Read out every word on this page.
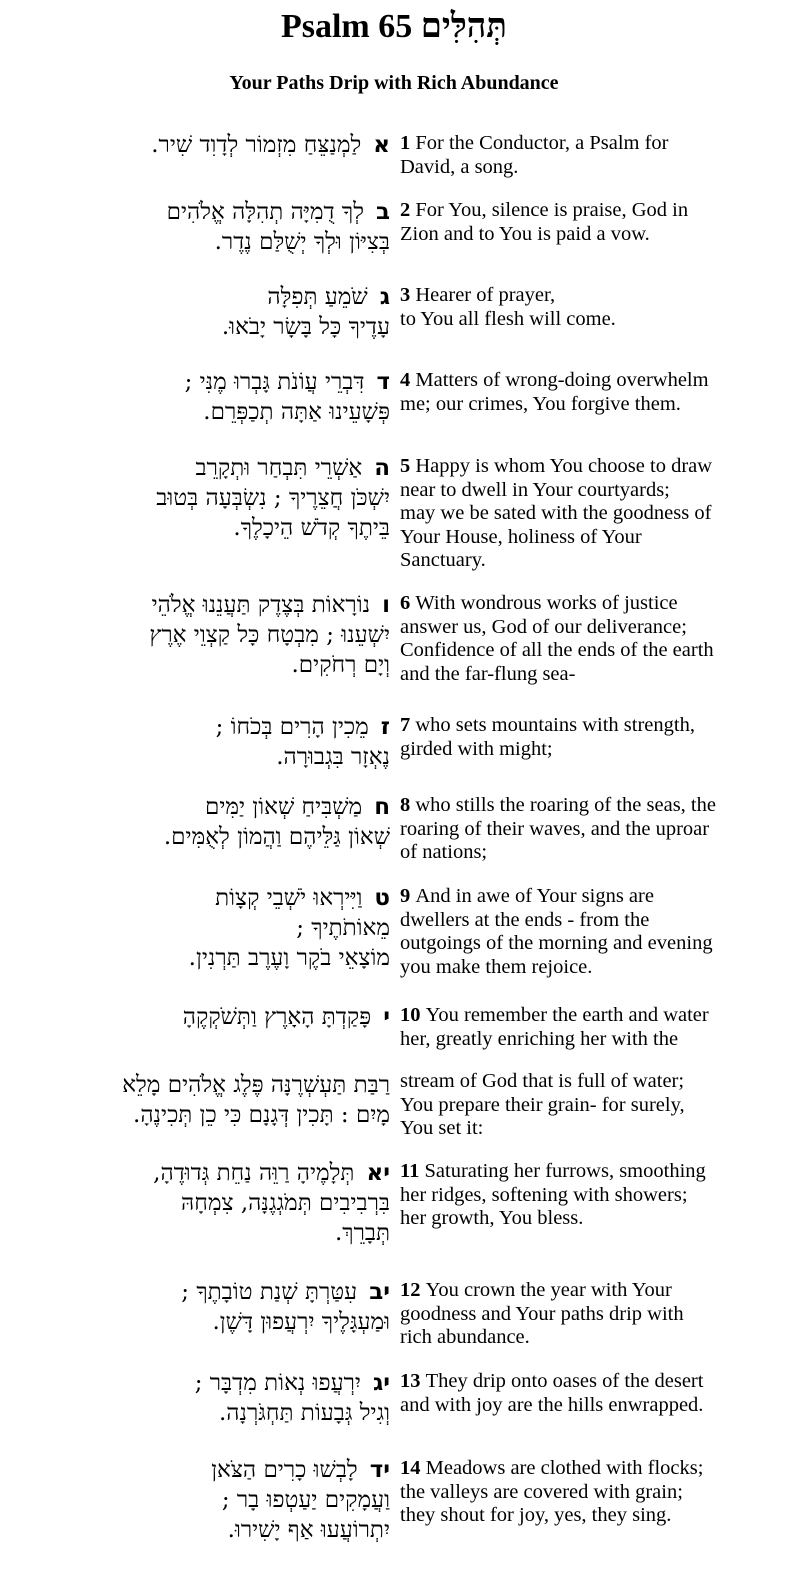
Psalm 65 תְּהִלִּים
Your Paths Drip with Rich Abundance
אלַמְנַצֵּחַ מִזְמוֹר לְדָוִד שִׁיר.	1 For the Conductor, a Psalm for
David, a song.
בלְךָ דֻמִיָּה תְהִלָּה אֱלֹהִים
בְּצִיּוֹן וּלְךָ יְשֻׁלַּם נֶדֶר.
2 For You, silence is praise, God in
Zion and to You is paid a vow.
גשֹׁמֵעַ תְּפִלָּה
עָדֶיךָ כָּל בָּשָׂר יָבֹאוּ.
3 Hearer of prayer,
to You all flesh will come.
דדִּבְרֵי עֲוֹנֹת גָּבְרוּ מֶנִּי ;
פְּשָׁעֵינוּ אַתָּה תְכַפְּרֵם.
4 Matters of wrong-doing overwhelm
me; our crimes, You forgive them.
האַשְׁרֵי תִּבְחַר וּתְקָרֵב
יִשְׁכֹּן חֲצֵרֶיךָ ; נִשְׂבְּעָה בְּטוּב
בֵּיתֶךָ קְדֹשׁ הֵיכָלֶךָ.
5 Happy is whom You choose to draw
near to dwell in Your courtyards;
may we be sated with the goodness of
Your House, holiness of Your
Sanctuary.
ונוֹרָאוֹת בְּצֶדֶק תַּעֲנֵנוּ אֱלֹהֵי
יִשְׁעֵנוּ ; מִבְטָח כָּל קַצְוֵי אֶרֶץ
וְיָם רְחֹקִים.
6 With wondrous works of justice
answer us, God of our deliverance;
Confidence of all the ends of the earth
and the far-flung sea-
זמֵכִין הָרִים בְּכֹחוֹ ;
נֶאְזָר בִּגְבוּרָה.
7 who sets mountains with strength,
girded with might;
חמַשְׁבִּיחַ שְׁאוֹן יַמִּים
שְׁאוֹן גַּלֵּיהֶם וַהֲמוֹן לְאֻמִּים.
8 who stills the roaring of the seas, the
roaring of their waves, and the uproar
of nations;
טוַיִּירְאוּ יֹשְׁבֵי קְצָוֹת
מֵאוֹתֹתֶיךָ ;
מוֹצָאֵי בֹקֶר וָעֶרֶב תַּרְנִין.
9 And in awe of Your signs are
dwellers at the ends - from the
outgoings of the morning and evening
you make them rejoice.
יפָּקַדְתָּ הָאָרֶץ וַתְּשֹׁקְקֶהָ	10 You remember the earth and water
her, greatly enriching her with the
רַבַּת תַּעְשְׁרֶנָּה פֶּלֶג אֱלֹהִים מָלֵא
מָיִם : תָּכִין דְּגָנָם כִּי כֵן תְּכִינֶהָ.
stream of God that is full of water;
You prepare their grain- for surely,
You set it:
יאתְּלָמֶיהָ רַוֵּה נַחֵת גְּדוּדֶהָ,
בִּרְבִיבִים תְּמֹגְגֶנָּה, צִמְחָהּ
תְּבָרֵךְ.
11 Saturating her furrows, smoothing
her ridges, softening with showers;
her growth, You bless.
יבעִטַּרְתָּ שְׁנַת טוֹבָתֶךָ ;
וּמַעְגָּלֶיךָ יִרְעֲפוּן דָּשֶׁן.
12 You crown the year with Your
goodness and Your paths drip with
rich abundance.
יגיִרְעֲפוּ נְאוֹת מִדְבָּר ;
וְגִיל גְּבָעוֹת תַּחְגֹּרְנָה.
13 They drip onto oases of the desert
and with joy are the hills enwrapped.
ידלָבְשׁוּ כָרִים הַצֹּאן
וַעֲמָקִים יַעַטְפוּ בָר ;
יִתְרוֹעֲעוּ אַף יָשִׁירוּ.
14 Meadows are clothed with flocks;
the valleys are covered with grain;
they shout for joy, yes, they sing.
